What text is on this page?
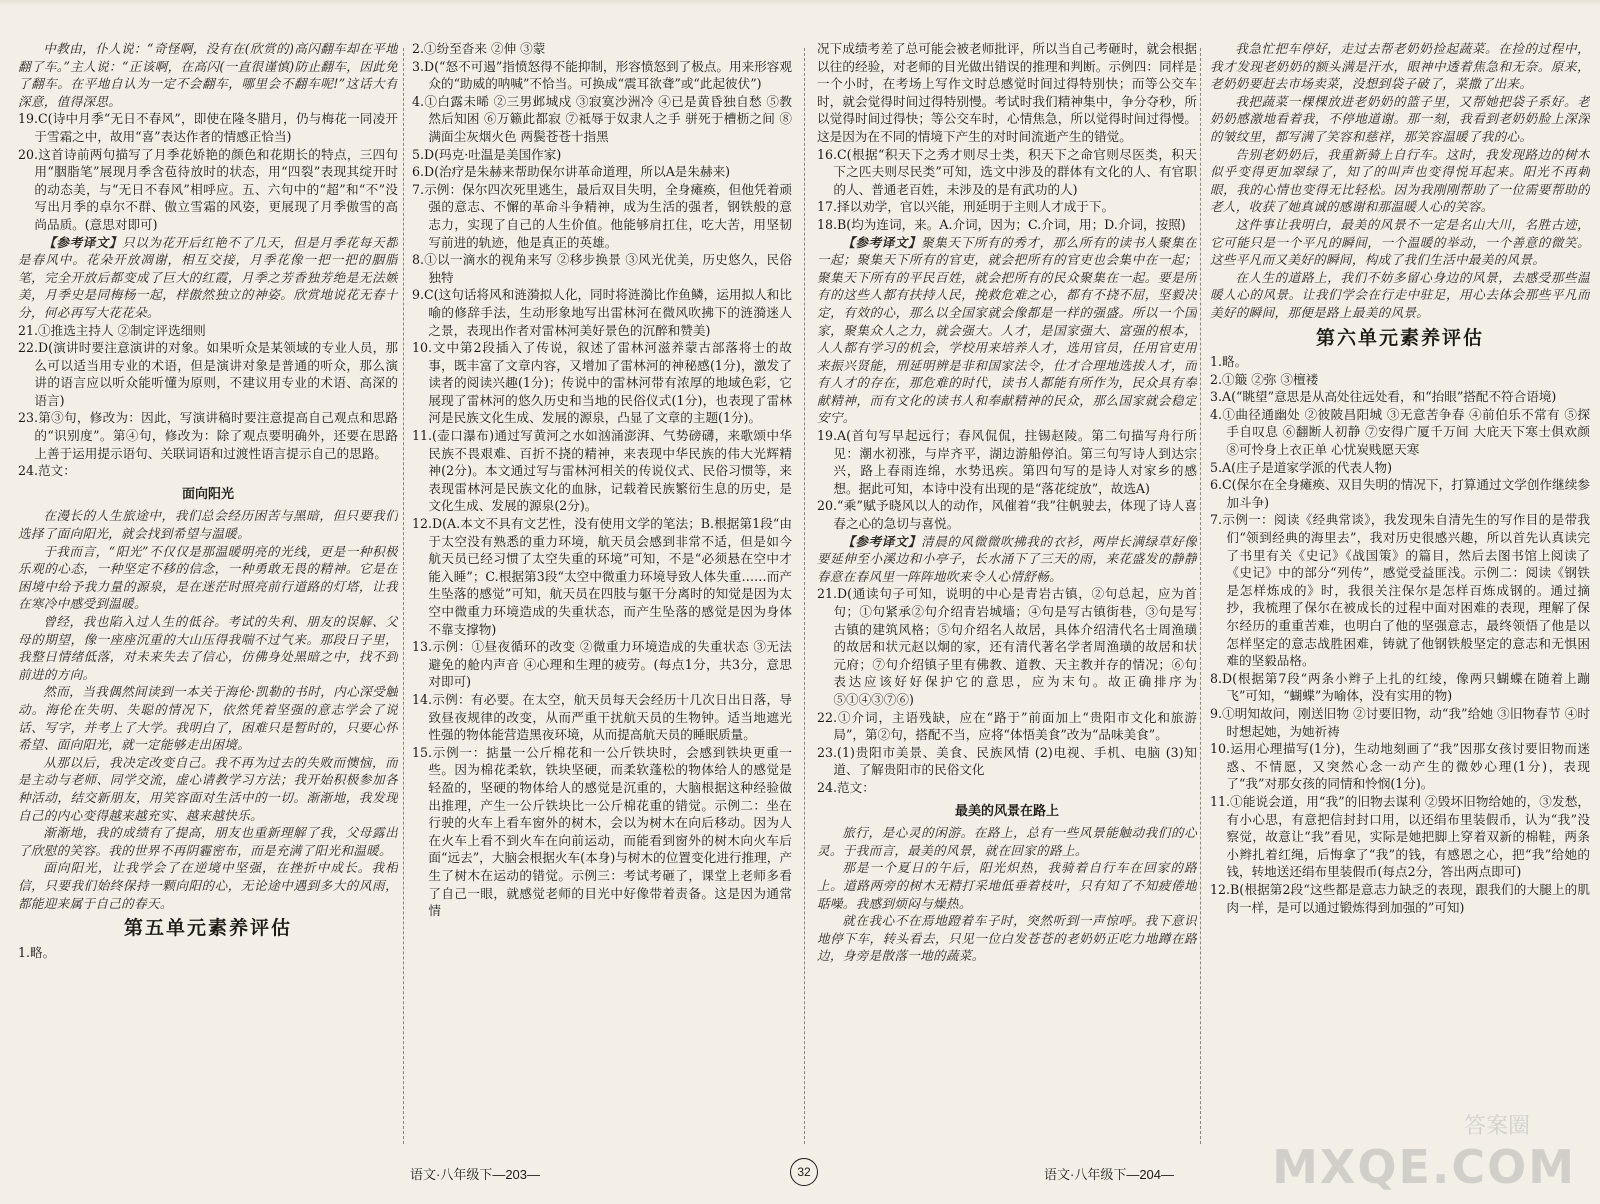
中教由，仆人说：“奇怪啊，没有在(欣赏的)高闪翻车却在平地翻了车。”主人说：“正该啊，在高闪(一直很谨慎)防止翻车，因此免了翻车。在平地自认为一定不会翻车，哪里会不翻车呢!”这话大有深意，值得深思。

19.C(诗中月季“无日不春风”，即使在隆冬腊月，仍与梅花一同凌开于雪霜之中，故用“喜”表达作者的情感正恰当)

20.这首诗前两句描写了月季花娇艳的颜色和花期长的特点，三四句用“胭脂笔”展现月季含苞待放时的状态，用“四裂”表现其绽开时的动态美，与“无日不春风”相呼应。五、六句中的“超”和“不”没写出月季的卓尔不群、傲立雪霜的风姿，更展现了月季傲雪的高尚品质。(意思对即可)

【参考译文】只以为花开后红艳不了几天，但是月季花每天都是春风中。花朵开放凋谢，相互交接，月季花像一把一把的胭脂笔，完全开放后都变成了巨大的红霞，月季之芳香独芳绝是无法嫉美，月季史是同梅杨一起，样傲然独立的神姿。欣赏地说花无春十分，何必再写大花花朵。

21.①推选主持人 ②制定评选细则

22.D(演讲时要注意演讲的对象。如果听众是某领域的专业人员，那么可以适当用专业的术语，但是演讲对象是普通的听众，那么演讲的语言应以听众能听懂为原则，不建议用专业的术语、高深的语言)

23.第③句，修改为：因此，写演讲稿时要注意提高自己观点和思路的“识别度”。第④句，修改为：除了观点要明确外，还要在思路上善于运用提示语句、关联词语和过渡性语言提示自己的思路。

24.范文：

面向阳光

在漫长的人生旅途中，我们总会经历困苦与黑暗，但只要我们选择了面向阳光，就会找到希望与温暖。

于我而言，“阳光”不仅仅是那温暖明亮的光线，更是一种积极乐观的心态，一种坚定不移的信念，一种勇敢无畏的精神。它是在困境中给予我力量的源泉，是在迷茫时照亮前行道路的灯塔，让我在寒冷中感受到温暖。

曾经，我也陷入过人生的低谷。考试的失利、朋友的误解、父母的期望，像一座座沉重的大山压得我喘不过气来。那段日子里，我整日情绪低落，对未来失去了信心，仿佛身处黑暗之中，找不到前进的方向。

然而，当我偶然间读到一本关于海伦·凯勒的书时，内心深受触动。海伦在失明、失聪的情况下，依然凭着坚强的意志学会了说话、写字，并考上了大学。我明白了，困难只是暂时的，只要心怀希望、面向阳光，就一定能够走出困境。

从那以后，我决定改变自己。我不再为过去的失败而懊恼，而是主动与老师、同学交流，虚心请教学习方法；我开始积极参加各种活动，结交新朋友，用笑容面对生活中的一切。渐渐地，我发现自己的内心变得越来越充实、越来越快乐。

渐渐地，我的成绩有了提高，朋友也重新理解了我，父母露出了欣慰的笑容。我的世界不再阴霾密布，而是充满了阳光和温暖。

面向阳光，让我学会了在逆境中坚强，在挫折中成长。我相信，只要我们始终保持一颗向阳的心，无论途中遇到多大的风雨，都能迎来属于自己的春天。

第五单元素养评估

1.略。

2.①纷至沓来 ②伸 ③蒙

3.D(“怒不可遏”指愤怒得不能抑制，形容愤怒到了极点。用来形容观众的“助威的呐喊”不恰当。可换成“震耳欲聋”或“此起彼伏”)

4.①白露未晞 ②三男邺城戍 ③寂寞沙洲冷 ④已是黄昏独自愁 ⑤教然后知困 ⑥万籁此都寂 ⑦祗辱于奴隶人之手 骈死于槽枥之间 ⑧满面尘灰烟火色 两鬓苍苍十指黑

5.D(玛克·吐温是美国作家)

6.D(治疗是朱赫来帮助保尔讲革命道理，所以A是朱赫来)

7.示例：保尔四次死里逃生，最后双目失明，全身瘫痪，但他凭着顽强的意志、不懈的革命斗争精神，成为生活的强者，钢铁般的意志力，实现了自己的人生价值。他能够肩扛住，吃大苦，用坚韧写前进的轨迹，他是真正的英雄。

8.①以一滴水的视角来写 ②移步换景 ③风光优美，历史悠久，民俗独特

9.C(这句话将风和涟漪拟人化，同时将涟漪比作鱼鳞，运用拟人和比喻的修辞手法，生动形象地写出雷林河在微风吹拂下的涟漪迷人之景，表现出作者对雷林河美好景色的沉醉和赞美)

10.文中第2段插入了传说，叙述了雷林河滋养蒙古部落将士的故事，既丰富了文章内容，又增加了雷林河的神秘感(1分)，激发了读者的阅读兴趣(1分)；传说中的雷林河带有浓厚的地域色彩，它展现了雷林河的悠久历史和当地的民俗仪式(1分)，也表现了雷林河是民族文化生成、发展的源泉，凸显了文章的主题(1分)。

11.(壶口瀑布)通过写黄河之水如汹涌澎湃、气势磅礴，来歌颂中华民族不畏艰难、百折不挠的精神，来表现中华民族的伟大光辉精神(2分)。本文通过写与雷林河相关的传说仪式、民俗习惯等，来表现雷林河是民族文化的血脉，记载着民族繁衍生息的历史，是文化生成、发展的源泉(2分)。

12.D(A.本文不具有文艺性，没有使用文学的笔法；B.根据第1段“由于太空没有熟悉的重力环境，航天员会感到非常不适，但是如今航天员已经习惯了太空失重的环境”可知，不是“必须悬在空中才能入睡”；C.根据第3段“太空中微重力环境导致人体失重……而产生坠落的感觉”可知，航天员在四肢与躯干分离时的知觉是因为太空中微重力环境造成的失重状态，而产生坠落的感觉是因为身体不靠支撑物)

13.示例：①昼夜循环的改变 ②微重力环境造成的失重状态 ③无法避免的舱内声音 ④心理和生理的疲劳。(每点1分，共3分，意思对即可)

14.示例：有必要。在太空，航天员每天会经历十几次日出日落，导致昼夜规律的改变，从而严重干扰航天员的生物钟。适当地遮光性强的物体能营造黑夜环境，从而提高航天员的睡眠质量。

15.示例一：掂量一公斤棉花和一公斤铁块时，会感到铁块更重一些。因为棉花柔软，铁块坚硬，而柔软蓬松的物体给人的感觉是轻盈的，坚硬的物体给人的感觉是沉重的，大脑根据这种经验做出推理，产生一公斤铁块比一公斤棉花重的错觉。示例二：坐在行驶的火车上看车窗外的树木，会以为树木在向后移动。因为人在火车上看不到火车在向前运动，而能看到窗外的树木向火车后面“远去”，大脑会根据火车(本身)与树木的位置变化进行推理，产生了树木在运动的错觉。示例三：考试考砸了，课堂上老师多看了自己一眼，就感觉老师的目光中好像带着责备。这是因为通常情

况下成绩考差了总可能会被老师批评，所以当自己考砸时，就会根据以往的经验，对老师的目光做出错误的推理和判断。示例四：同样是一个小时，在考场上写作文时总感觉时间过得特别快；而等公交车时，就会觉得时间过得特别慢。考试时我们精神集中，争分夺秒，所以觉得时间过得快；等公交车时，心情焦急，所以觉得时间过得慢。这是因为在不同的情境下产生的对时间流逝产生的错觉。

16.C(根据“积天下之秀才则尽士类，积天下之命官则尽医类，积天下之匹夫则尽民类”可知，选文中涉及的群体有文化的人、有官职的人、普通老百姓，未涉及的是有武功的人)

17.择以劝学，官以兴能，刑延明于主则人才成于下。

18.B(均为连词，来。A.介词，因为；C.介词，用；D.介词，按照)

【参考译文】聚集天下所有的秀才，那么所有的读书人聚集在一起；聚集天下所有的官吏，就会把所有的官吏也会集中在一起；聚集天下所有的平民百姓，就会把所有的民众聚集在一起。要是所有的这些人都有扶持人民，挽救危难之心，都有不挠不屈，坚毅决定，有效的心，那么以全国家就会像都是一样的强盛。所以一个国家，聚集众人之力，就会强大。人才，是国家强大、富强的根本，人人都有学习的机会，学校用来培养人才，选用官员，任用官吏用来振兴贤能，刑延明辨是非和国家法令，仕才合理地选拔人才，而有人才的存在，那危难的时代，读书人都能有所作为，民众具有奉献精神，而有文化的读书人和奉献精神的民众，那么国家就会稳定安宁。

19.A(首句写早起远行；春风侃侃，拄锡赵陵。第二句描写舟行所见：潮水初涨，与岸齐平，湖边游船停泊。第三句写诗人到达宗兴，路上春雨连绵，水势迅疾。第四句写的是诗人对家乡的感想。据此可知，本诗中没有出现的是“落花绽放”，故选A)

20.“乘”赋予晓风以人的动作，风催着“我”往帆驶去，体现了诗人喜春之心的急切与喜悦。

【参考译文】清晨的风微微吹拂我的衣衫，两岸长满绿草好像要延伸至小溪边和小亭子，长水涌下了三天的雨，来花盛发的静静春意在春风里一阵阵地吹来令人心情舒畅。

21.D(通读句子可知，说明的中心是青岩古镇，②句总起，应为首句；①句紧承②句介绍青岩城墙；④句是写古镇街巷，③句是写古镇的建筑风格；⑤句介绍名人故居，具体介绍清代名士周渔璜的故居和状元赵以炯的家，还有清代著名学者周渔璜的故居和状元府；⑦句介绍镇子里有佛教、道教、天主教并存的情况；⑥句表达应该好好保护它的意思，应为末句。故正确排序为⑤①④③⑦⑥)

22.①介词，主语残缺，应在“路于”前面加上“贵阳市文化和旅游局”，第②句，搭配不当，应将“体悟美食”改为“品味美食”。

23.(1)贵阳市美景、美食、民族风情 (2)电视、手机、电脑 (3)知道、了解贵阳市的民俗文化

24.范文：

最美的风景在路上

旅行，是心灵的闲游。在路上，总有一些风景能触动我们的心灵。于我而言，最美的风景，就在回家的路上。

那是一个夏日的午后，阳光炽热，我骑着自行车在回家的路上。道路两旁的树木无精打采地低垂着枝叶，只有知了不知疲倦地聒噪。我感到烦闷与燥热。

就在我心不在焉地蹬着车子时，突然听到一声惊呼。我下意识地停下车，转头看去，只见一位白发苍苍的老奶奶正吃力地蹲在路边，身旁是散落一地的蔬菜。

我急忙把车停好，走过去帮老奶奶捡起蔬菜。在捡的过程中，我才发现老奶奶的额头满是汗水，眼神中透着焦急和无奈。原来，老奶奶要赶去市场卖菜，没想到袋子破了，菜撒了出来。

我把蔬菜一棵棵放进老奶奶的篮子里，又帮她把袋子系好。老奶奶感激地看着我，不停地道谢。那一刻，我看到老奶奶脸上深深的皱纹里，都写满了笑容和慈祥，那笑容温暖了我的心。

告别老奶奶后，我重新骑上自行车。这时，我发现路边的树木似乎变得更加翠绿了，知了的叫声也变得悦耳起来。阳光不再刺眼，我的心情也变得无比轻松。因为我刚刚帮助了一位需要帮助的老人，收获了她真诚的感谢和那温暖人心的笑容。

这件事让我明白，最美的风景不一定是名山大川，名胜古迹，它可能只是一个平凡的瞬间，一个温暖的举动，一个善意的微笑。这些平凡而又美好的瞬间，构成了我们生活中最美的风景。

在人生的道路上，我们不妨多留心身边的风景，去感受那些温暖人心的风景。让我们学会在行走中驻足，用心去体会那些平凡而美好的瞬间，那便是路上最美的风景。

第六单元素养评估

1.略。

2.①簸 ②弥 ③檀褛

3.A(“眺望”意思是从高处往远处看，和“抬眼”搭配不符合语境)

4.①曲径通幽处 ②彼陂昌阳城 ③无意苦争春 ④前伯乐不常有 ⑤探手自叹息 ⑥翻断人初静 ⑦安得广厦千万间 大庇天下寒士俱欢颜 ⑧可怜身上衣正单 心忧炭贱愿天寒

5.A(庄子是道家学派的代表人物)

6.C(保尔在全身瘫痪、双目失明的情况下，打算通过文学创作继续参加斗争)

7.示例一：阅读《经典常谈》，我发现朱自清先生的写作目的是带我们“领到经典的海里去”，我对历史很感兴趣，所以首先认真读完了书里有关《史记》《战国策》的篇目，然后去图书馆上阅读了《史记》中的部分“列传”，感觉受益匪浅。示例二：阅读《钢铁是怎样炼成的》时，我很关注保尔是怎样百炼成钢的。通过摘抄，我梳理了保尔在被成长的过程中面对困难的表现，理解了保尔经历的重重苦难，也明白了他的坚强意志，最终领悟了他是以怎样坚定的意志战胜困难，铸就了他钢铁般坚定的意志和无惧困难的坚毅品格。

8.D(根据第7段“两条小辫子上扎的红绫，像两只蝴蝶在随着上蹦飞”可知，“蝴蝶”为喻体，没有实用的物)

9.①明知故问，刚送旧物 ②讨要旧物，动“我”给她 ③旧物春节 ④时时想起她，为她祈祷

10.运用心理描写(1分)，生动地刻画了“我”因那女孩讨要旧物而迷惑、不情愿，又突然心念一动产生的微妙心理(1分)，表现了“我”对那女孩的同情和怜悯(1分)。

11.①能说会道，用“我”的旧物去谋利 ②毁坏旧物给她的，③发愁，有小心思，有意把信封封口用，以还绢布里装假币，认为“我”没察觉，故意让“我”看见，实际是她把脚上穿着双新的棉鞋，两条小辫扎着红绳，后悔拿了“我”的钱，有感恩之心，把“我”给她的钱，转地送还绢布里装假币(每点2分，答出两点即可)

12.B(根据第2段“这些都是意志力缺乏的表现，跟我们的大腿上的肌肉一样，是可以通过锻炼得到加强的”可知)

语文·八年级下—203—	32	语文·八年级下—204—
答案圈
MXQE.COM
